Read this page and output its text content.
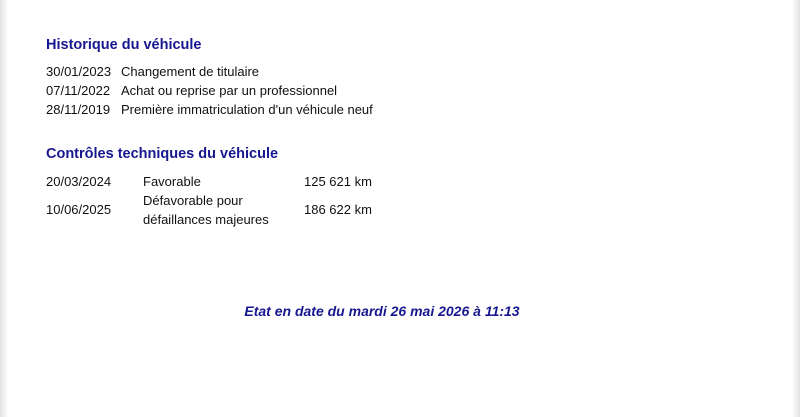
Historique du véhicule
30/01/2023 Changement de titulaire
07/11/2022 Achat ou reprise par un professionnel
28/11/2019 Première immatriculation d'un véhicule neuf
Contrôles techniques du véhicule
20/03/2024 Favorable	125 621 km
10/06/2025
Défavorable pour
défaillances majeures
186 622 km
Etat en date du mardi 26 mai 2026 à 11:13
